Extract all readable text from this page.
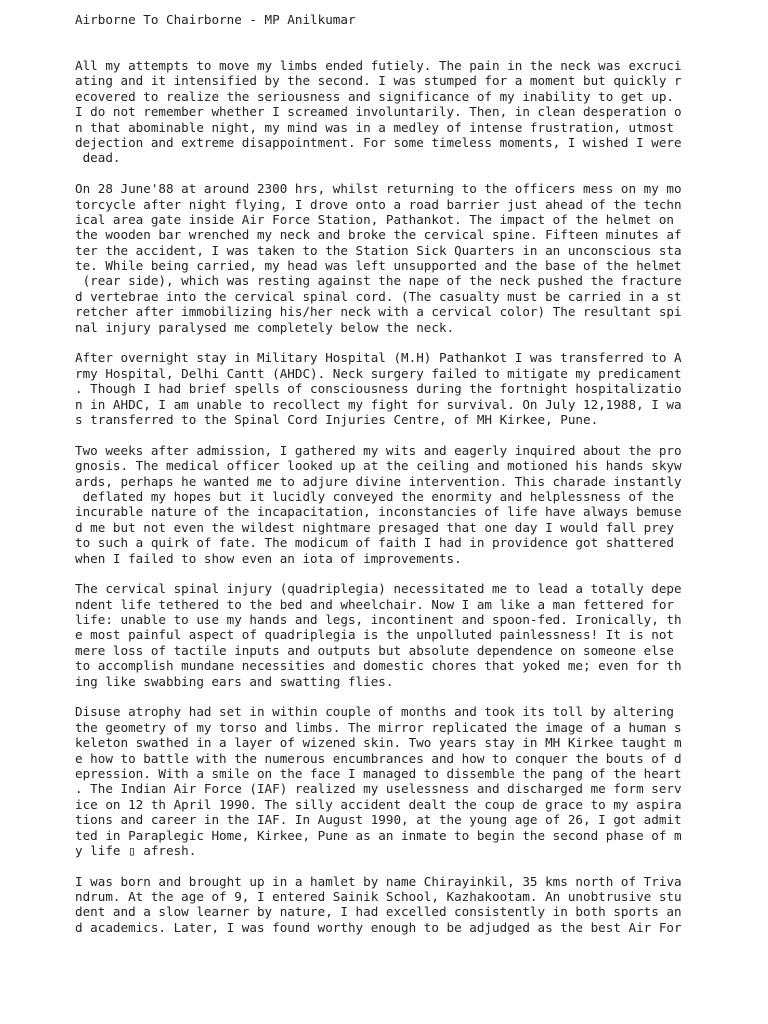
Airborne To Chairborne - MP Anilkumar
All my attempts to move my limbs ended futiely. The pain in the neck was excruci
ating and it intensified by the second. I was stumped for a moment but quickly r
ecovered to realize the seriousness and significance of my inability to get up.
I do not remember whether I screamed involuntarily. Then, in clean desperation o
n that abominable night, my mind was in a medley of intense frustration, utmost
dejection and extreme disappointment. For some timeless moments, I wished I were
dead.
On 28 June'88 at around 2300 hrs, whilst returning to the officers mess on my mo
torcycle after night flying, I drove onto a road barrier just ahead of the techn
ical area gate inside Air Force Station, Pathankot. The impact of the helmet on
the wooden bar wrenched my neck and broke the cervical spine. Fifteen minutes af
ter the accident, I was taken to the Station Sick Quarters in an unconscious sta
te. While being carried, my head was left unsupported and the base of the helmet
(rear side), which was resting against the nape of the neck pushed the fracture
d vertebrae into the cervical spinal cord. (The casualty must be carried in a st
retcher after immobilizing his/her neck with a cervical color) The resultant spi
nal injury paralysed me completely below the neck.
After overnight stay in Military Hospital (M.H) Pathankot I was transferred to A
rmy Hospital, Delhi Cantt (AHDC). Neck surgery failed to mitigate my predicament
. Though I had brief spells of consciousness during the fortnight hospitalizatio
n in AHDC, I am unable to recollect my fight for survival. On July 12,1988, I wa
s transferred to the Spinal Cord Injuries Centre, of MH Kirkee, Pune.
Two weeks after admission, I gathered my wits and eagerly inquired about the pro
gnosis. The medical officer looked up at the ceiling and motioned his hands skyw
ards, perhaps he wanted me to adjure divine intervention. This charade instantly
deflated my hopes but it lucidly conveyed the enormity and helplessness of the
incurable nature of the incapacitation, inconstancies of life have always bemuse
d me but not even the wildest nightmare presaged that one day I would fall prey
to such a quirk of fate. The modicum of faith I had in providence got shattered
when I failed to show even an iota of improvements.
The cervical spinal injury (quadriplegia) necessitated me to lead a totally depe
ndent life tethered to the bed and wheelchair. Now I am like a man fettered for
life: unable to use my hands and legs, incontinent and spoon-fed. Ironically, th
e most painful aspect of quadriplegia is the unpolluted painlessness! It is not
mere loss of tactile inputs and outputs but absolute dependence on someone else
to accomplish mundane necessities and domestic chores that yoked me; even for th
ing like swabbing ears and swatting flies.
Disuse atrophy had set in within couple of months and took its toll by altering
the geometry of my torso and limbs. The mirror replicated the image of a human s
keleton swathed in a layer of wizened skin. Two years stay in MH Kirkee taught m
e how to battle with the numerous encumbrances and how to conquer the bouts of d
epression. With a smile on the face I managed to dissemble the pang of the heart
. The Indian Air Force (IAF) realized my uselessness and discharged me form serv
ice on 12 th April 1990. The silly accident dealt the coup de grace to my aspira
tions and career in the IAF. In August 1990, at the young age of 26, I got admit
ted in Paraplegic Home, Kirkee, Pune as an inmate to begin the second phase of m
y life ▯ afresh.
I was born and brought up in a hamlet by name Chirayinkil, 35 kms north of Triva
ndrum. At the age of 9, I entered Sainik School, Kazhakootam. An unobtrusive stu
dent and a slow learner by nature, I had excelled consistently in both sports an
d academics. Later, I was found worthy enough to be adjudged as the best Air For
